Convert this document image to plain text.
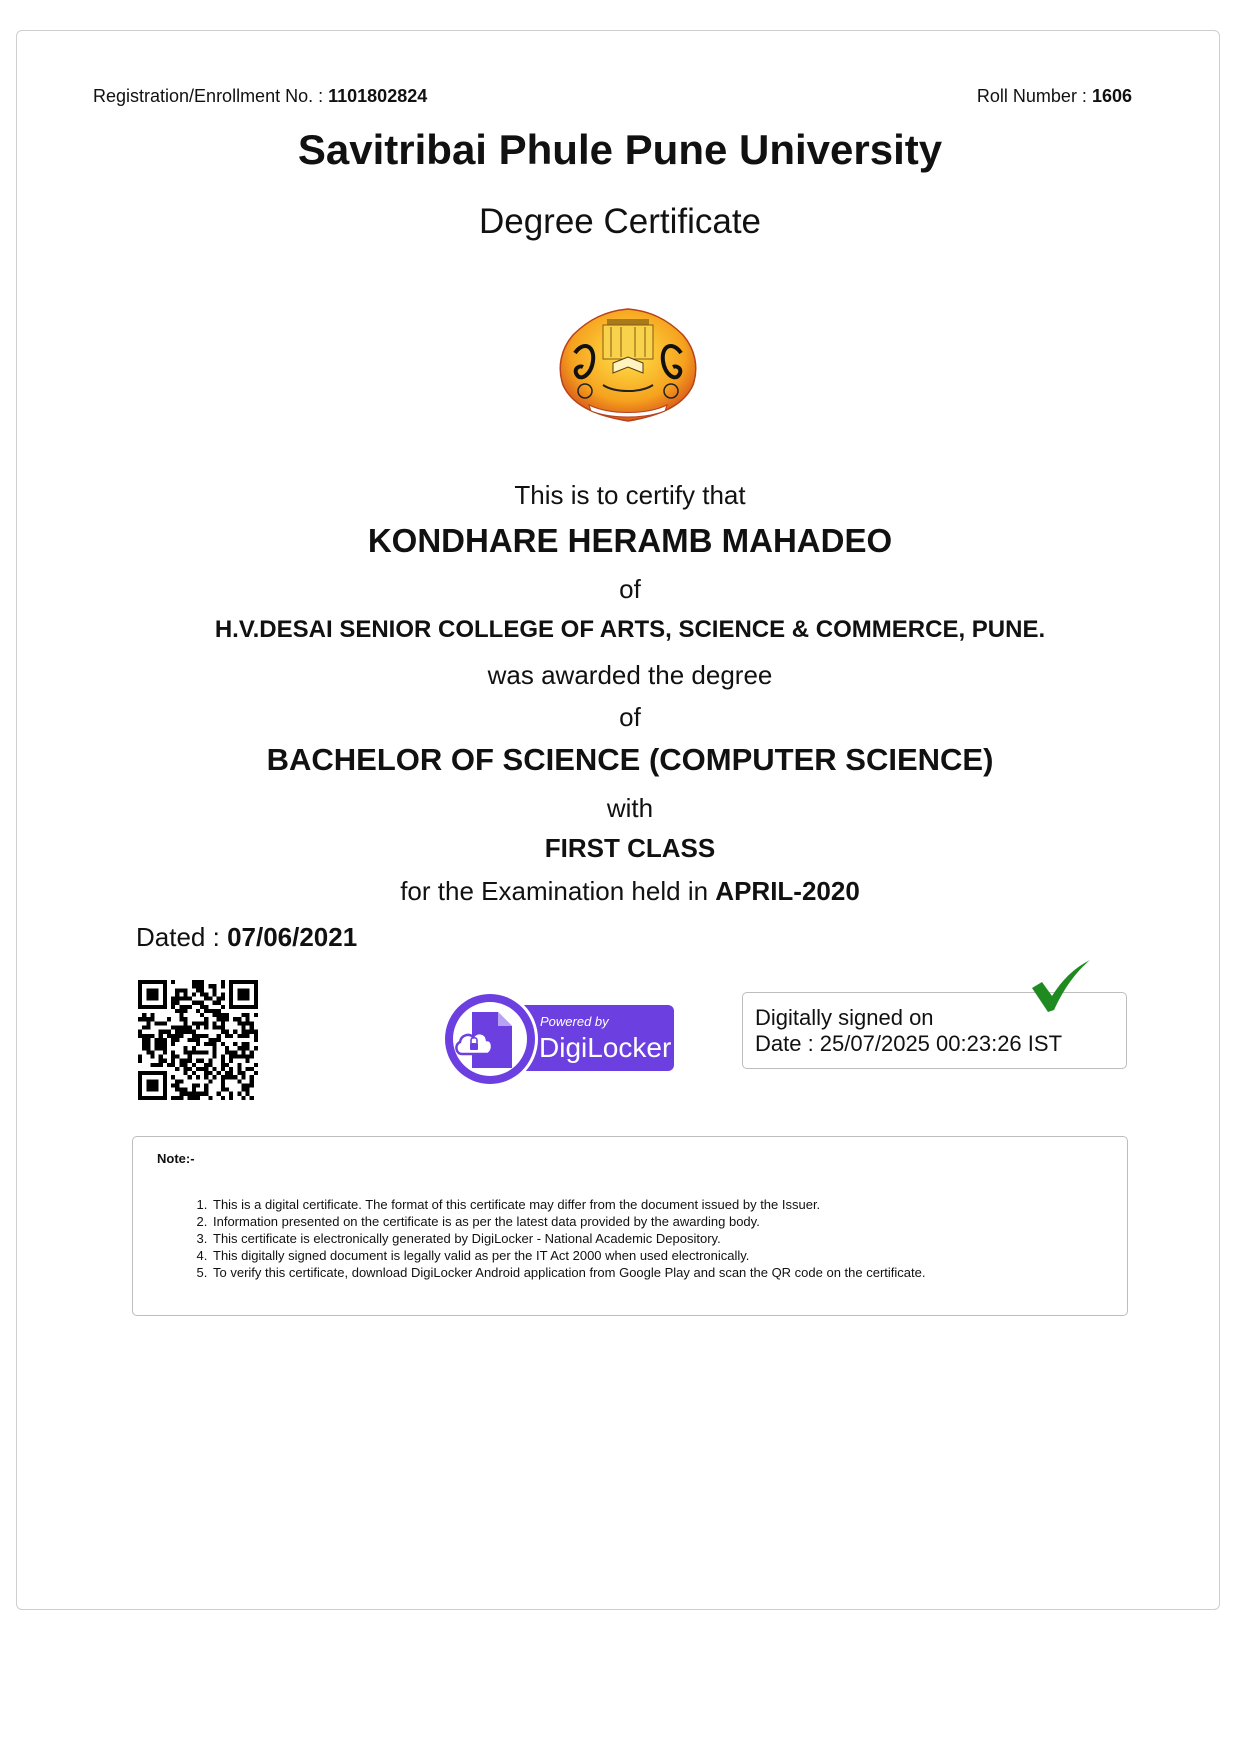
Registration/Enrollment No. : 1101802824	Roll Number : 1606
Savitribai Phule Pune University
Degree Certificate
This is to certify that
KONDHARE HERAMB MAHADEO
of
H.V.DESAI SENIOR COLLEGE OF ARTS, SCIENCE & COMMERCE, PUNE.
was awarded the degree
of
BACHELOR OF SCIENCE (COMPUTER SCIENCE)
with
FIRST CLASS
for the Examination held in APRIL-2020
Dated : 07/06/2021
Powered by
DigiLocker
Digitally signed on
Date : 25/07/2025 00:23:26 IST
Note:-
1. This is a digital certificate. The format of this certificate may differ from the document issued by the Issuer.
2. Information presented on the certificate is as per the latest data provided by the awarding body.
3. This certificate is electronically generated by DigiLocker - National Academic Depository.
4. This digitally signed document is legally valid as per the IT Act 2000 when used electronically.
5. To verify this certificate, download DigiLocker Android application from Google Play and scan the QR code on the certificate.
